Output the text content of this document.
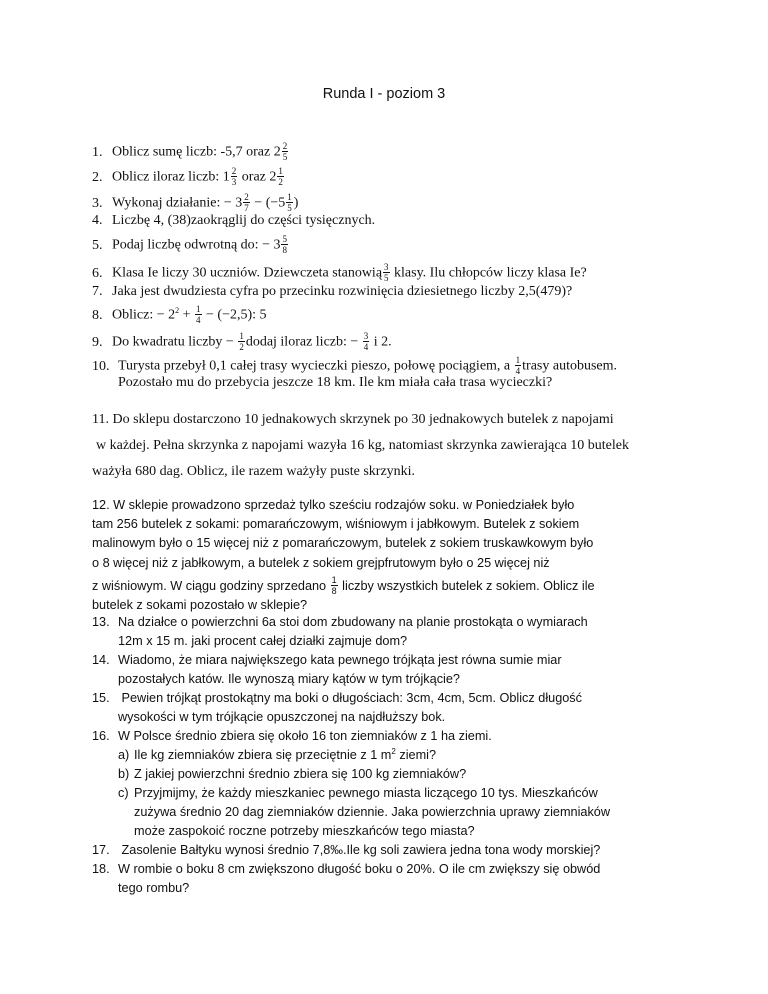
Runda I - poziom 3
1. Oblicz sumę liczb: -5,7 oraz $2 \frac{2}{5}$
2. Oblicz iloraz liczb: $1 \frac{2}{3}$ oraz $2 \frac{1}{2}$
3. Wykonaj działanie: − $3 \frac{2}{7} - (-5 \frac{1}{5}$ )
4. Liczbę 4, (38)zaokrąglij do części tysięcznych.
5. Podaj liczbę odwrotną do: − $3 \frac{5}{8}$
6. Klasa Ie liczy 30 uczniów. Dziewczeta stanowią $\frac{3}{5}$ klasy. Ilu chłopców liczy klasa Ie?
7. Jaka jest dwudziesta cyfra po przecinku rozwinięcia dziesietnego liczby 2,5(479)?
8. Oblicz: − $2^2 + \frac{1}{4} - (-2,5)$: 5
9. Do kwadratu liczby − $\frac{1}{2}$ dodaj iloraz liczb: − $\frac{3}{4}$ i 2.
10. Turysta przebył 0,1 całej trasy wycieczki pieszo, połowę pociągiem, a $\frac{1}{4}$ trasy autobusem.
Pozostało mu do przebycia jeszcze 18 km. Ile km miała cała trasa wycieczki?
11. Do sklepu dostarczono 10 jednakowych skrzynek po 30 jednakowych butelek z napojami
w każdej. Pełna skrzynka z napojami wazyła 16 kg, natomiast skrzynka zawierająca 10 butelek
ważyła 680 dag. Oblicz, ile razem ważyły puste skrzynki.
12. W sklepie prowadzono sprzedaż tylko sześciu rodzajów soku. w Poniedziałek było
tam 256 butelek z sokami: pomarańczowym, wiśniowym i jabłkowym. Butelek z sokiem
malinowym było o 15 więcej niż z pomarańczowym, butelek z sokiem truskawkowym było
o 8 więcej niż z jabłkowym, a butelek z sokiem grejpfrutowym było o 25 więcej niż
z wiśniowym. W ciągu godziny sprzedano $\frac{1}{8}$ liczby wszystkich butelek z sokiem. Oblicz ile
butelek z sokami pozostało w sklepie?
13. Na działce o powierzchni 6a stoi dom zbudowany na planie prostokąta o wymiarach
12m x 15 m. jaki procent całej działki zajmuje dom?
14. Wiadomo, że miara największego kata pewnego trójkąta jest równa sumie miar
pozostałych katów. Ile wynoszą miary kątów w tym trójkącie?
15. Pewien trójkąt prostokątny ma boki o długościach: 3cm, 4cm, 5cm. Oblicz długość
wysokości w tym trójkącie opuszczonej na najdłuższy bok.
16. W Polsce średnio zbiera się około 16 ton ziemniaków z 1 ha ziemi.
a) Ile kg ziemniaków zbiera się przeciętnie z 1 $m^2$ ziemi?
b) Z jakiej powierzchni średnio zbiera się 100 kg ziemniaków?
c) Przyjmijmy, że każdy mieszkaniec pewnego miasta liczącego 10 tys. Mieszkańców
zużywa średnio 20 dag ziemniaków dziennie. Jaka powierzchnia uprawy ziemniaków
może zaspokoić roczne potrzeby mieszkańców tego miasta?
17. Zasolenie Bałtyku wynosi średnio 7,8‰.Ile kg soli zawiera jedna tona wody morskiej?
18. W rombie o boku 8 cm zwiększono długość boku o 20%. O ile cm zwiększy się obwód
tego rombu?
